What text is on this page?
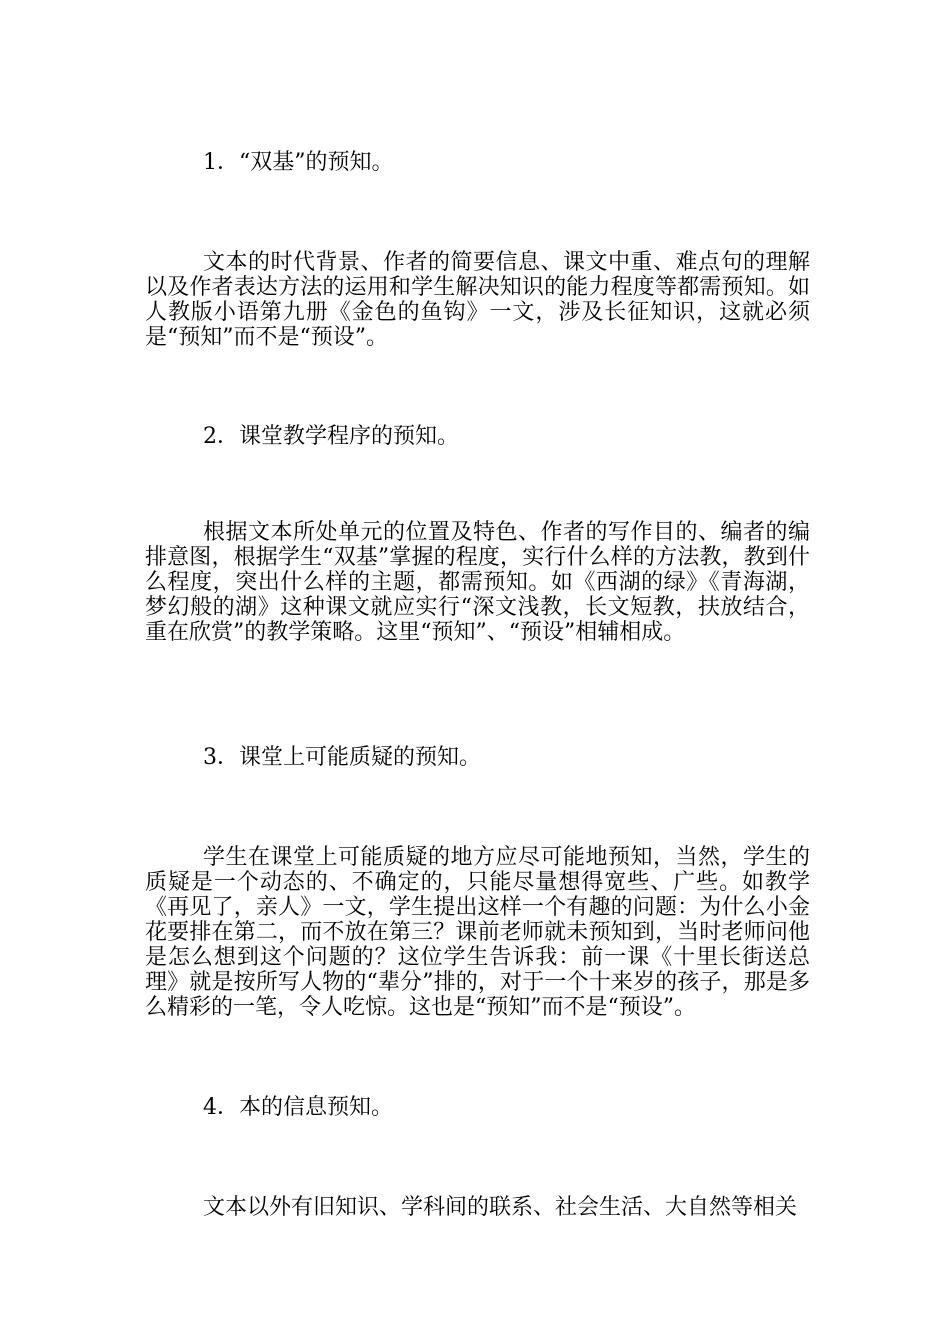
1．“双基”的预知。

文本的时代背景、作者的简要信息、课文中重、难点句的理解以及作者表达方法的运用和学生解决知识的能力程度等都需预知。如人教版小语第九册《金色的鱼钩》一文，涉及长征知识，这就必须是“预知”而不是“预设”。

2．课堂教学程序的预知。

根据文本所处单元的位置及特色、作者的写作目的、编者的编排意图，根据学生“双基”掌握的程度，实行什么样的方法教，教到什么程度，突出什么样的主题，都需预知。如《西湖的绿》《青海湖，梦幻般的湖》这种课文就应实行“深文浅教，长文短教，扶放结合，重在欣赏”的教学策略。这里“预知”、“预设”相辅相成。

3．课堂上可能质疑的预知。

学生在课堂上可能质疑的地方应尽可能地预知，当然，学生的质疑是一个动态的、不确定的，只能尽量想得宽些、广些。如教学《再见了，亲人》一文，学生提出这样一个有趣的问题：为什么小金花要排在第二，而不放在第三？课前老师就未预知到，当时老师问他是怎么想到这个问题的？这位学生告诉我：前一课《十里长街送总理》就是按所写人物的“辈分”排的，对于一个十来岁的孩子，那是多么精彩的一笔，令人吃惊。这也是“预知”而不是“预设”。

4．本的信息预知。

文本以外有旧知识、学科间的联系、社会生活、大自然等相关
